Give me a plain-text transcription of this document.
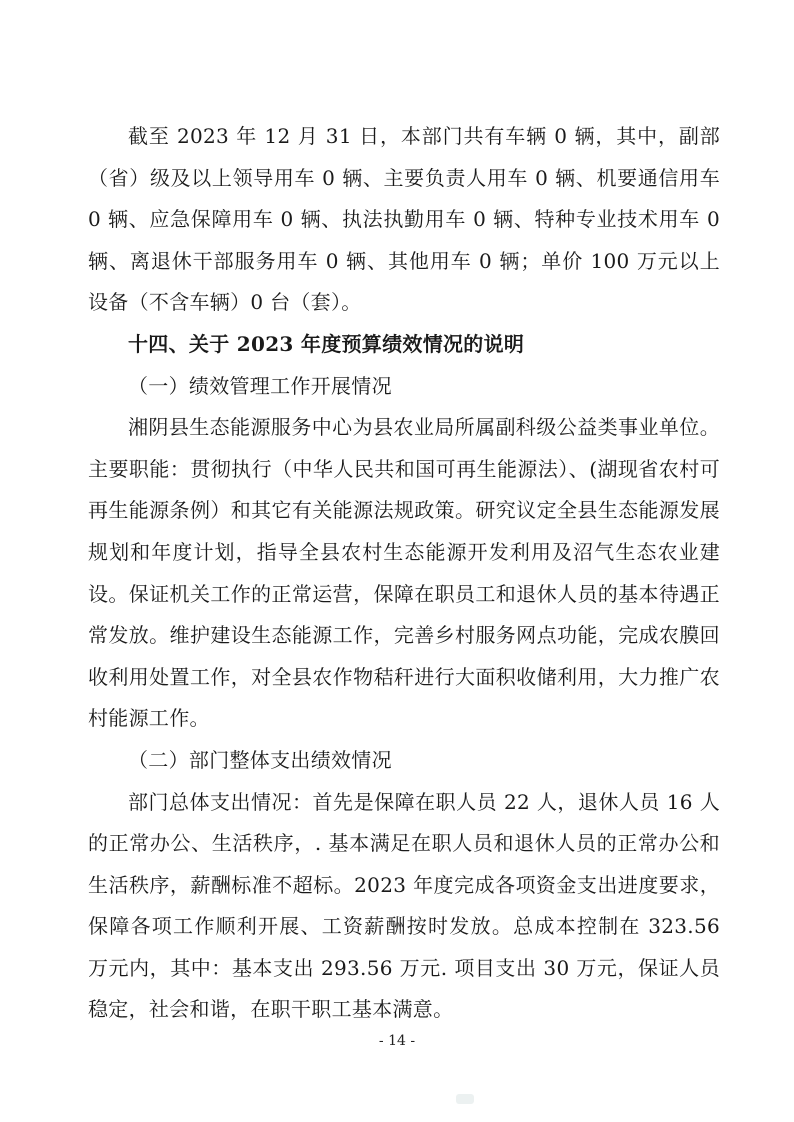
截至 2023 年 12 月 31 日，本部门共有车辆 0 辆，其中，副部（省）级及以上领导用车 0 辆、主要负责人用车 0 辆、机要通信用车 0 辆、应急保障用车 0 辆、执法执勤用车 0 辆、特种专业技术用车 0 辆、离退休干部服务用车 0 辆、其他用车 0 辆；单价 100 万元以上设备（不含车辆）0 台（套）。

十四、关于 2023 年度预算绩效情况的说明

（一）绩效管理工作开展情况

湘阴县生态能源服务中心为县农业局所属副科级公益类事业单位。主要职能：贯彻执行（中华人民共和国可再生能源法）、(湖现省农村可再生能源条例）和其它有关能源法规政策。研究议定全县生态能源发展规划和年度计划，指导全县农村生态能源开发利用及沼气生态农业建设。保证机关工作的正常运营，保障在职员工和退休人员的基本待遇正常发放。维护建设生态能源工作，完善乡村服务网点功能，完成农膜回收利用处置工作，对全县农作物秸秆进行大面积收储利用，大力推广农村能源工作。

（二）部门整体支出绩效情况

部门总体支出情况：首先是保障在职人员 22 人，退休人员 16 人的正常办公、生活秩序，. 基本满足在职人员和退休人员的正常办公和生活秩序，薪酬标准不超标。2023 年度完成各项资金支出进度要求，保障各项工作顺利开展、工资薪酬按时发放。总成本控制在 323.56 万元内，其中：基本支出 293.56 万元. 项目支出 30 万元，保证人员稳定，社会和谐，在职干职工基本满意。

- 14 -
